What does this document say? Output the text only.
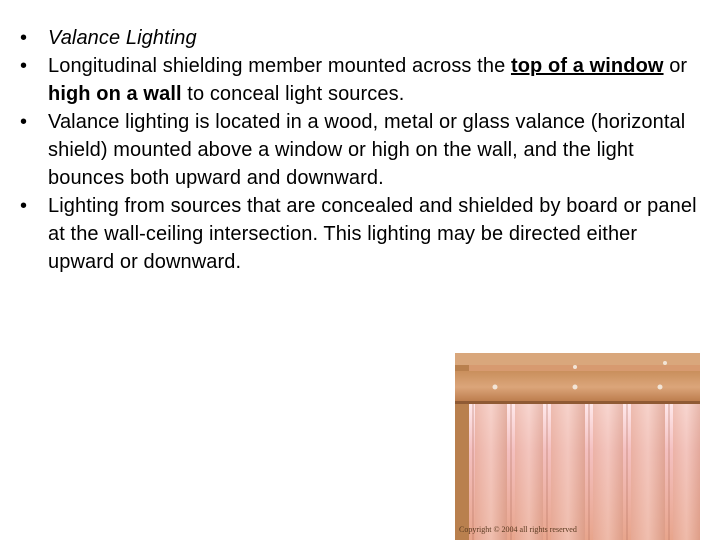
•	Valance Lighting
•	Longitudinal shielding member mounted across the top of a window or high on a wall to conceal light sources.
•	Valance lighting is located in a wood, metal or glass valance (horizontal shield) mounted above a window or high on the wall, and the light bounces both upward and downward.
•	Lighting from sources that are concealed and shielded by board or panel at the wall-ceiling intersection. This lighting may be directed either upward or downward.
Copyright © 2004 all rights reserved
